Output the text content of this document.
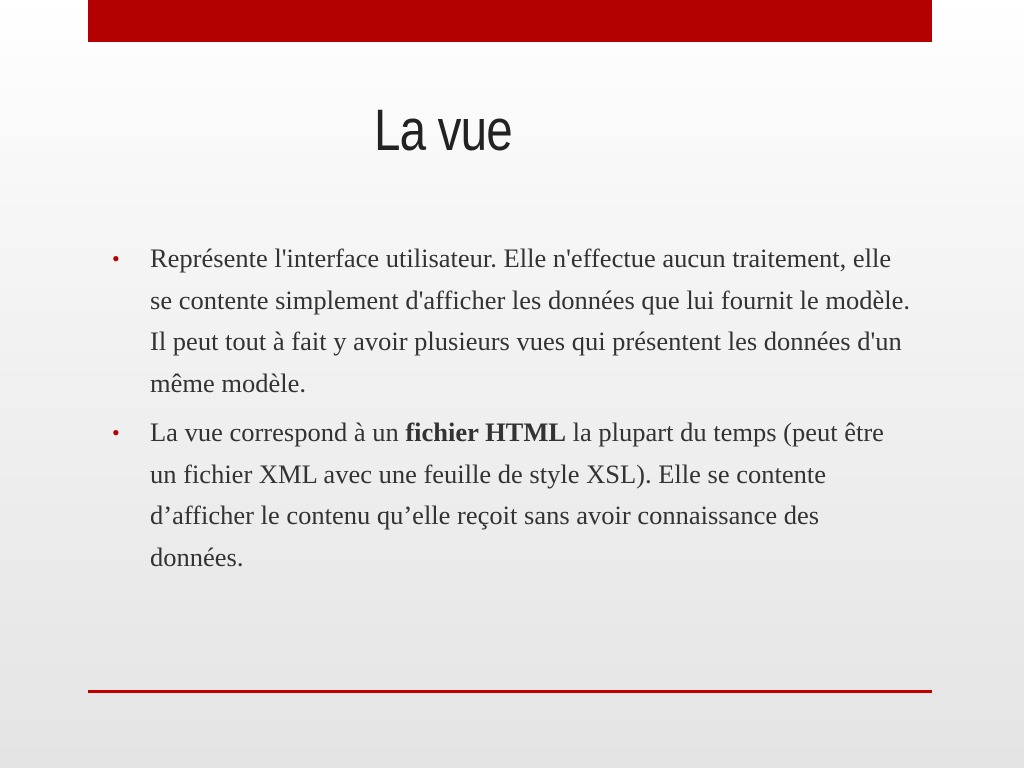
La vue
•	Représente l'interface utilisateur. Elle n'effectue aucun traitement, elle se contente simplement d'afficher les données que lui fournit le modèle. Il peut tout à fait y avoir plusieurs vues qui présentent les données d'un même modèle.
•	La vue correspond à un fichier HTML la plupart du temps (peut être un fichier XML avec une feuille de style XSL). Elle se contente d’afficher le contenu qu’elle reçoit sans avoir connaissance des données.
